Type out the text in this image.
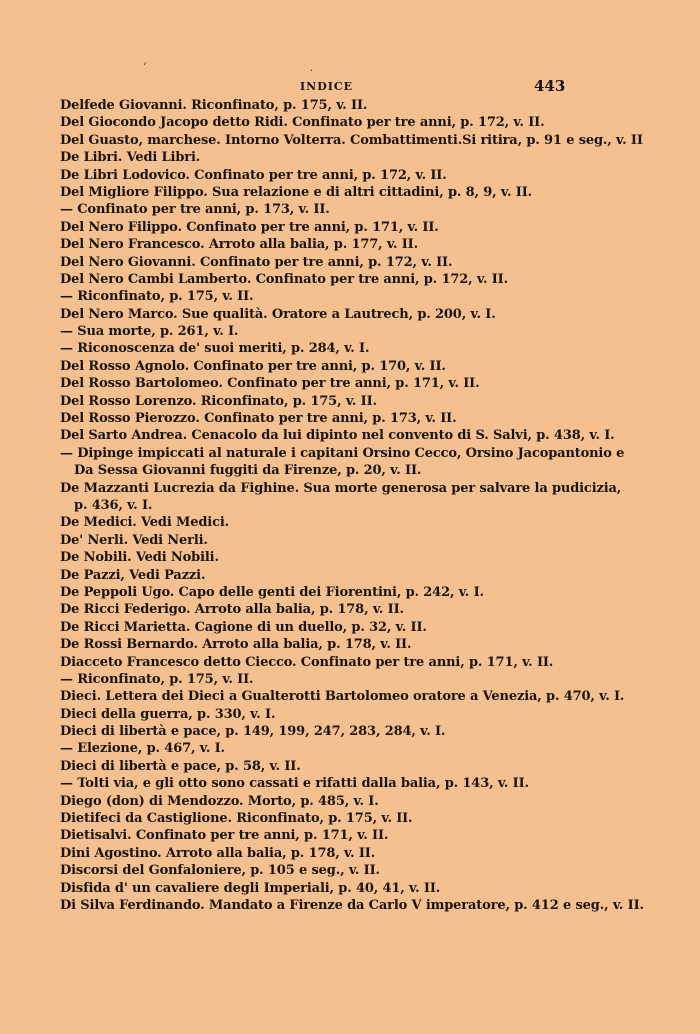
ʼ	·
INDICE	443
Delfede Giovanni. Riconfinato, p. 175, v. II.
Del Giocondo Jacopo detto Ridi. Confinato per tre anni, p. 172, v. II.
Del Guasto, marchese. Intorno Volterra. Combattimenti.Si ritira, p. 91 e seg., v. II
De Libri. Vedi Libri.
De Libri Lodovico. Confinato per tre anni, p. 172, v. II.
Del Migliore Filippo. Sua relazione e di altri cittadini, p. 8, 9, v. II.
— Confinato per tre anni, p. 173, v. II.
Del Nero Filippo. Confinato per tre anni, p. 171, v. II.
Del Nero Francesco. Arroto alla balia, p. 177, v. II.
Del Nero Giovanni. Confinato per tre anni, p. 172, v. II.
Del Nero Cambi Lamberto. Confinato per tre anni, p. 172, v. II.
— Riconfinato, p. 175, v. II.
Del Nero Marco. Sue qualità. Oratore a Lautrech, p. 200, v. I.
— Sua morte, p. 261, v. I.
— Riconoscenza de' suoi meriti, p. 284, v. I.
Del Rosso Agnolo. Confinato per tre anni, p. 170, v. II.
Del Rosso Bartolomeo. Confinato per tre anni, p. 171, v. II.
Del Rosso Lorenzo. Riconfinato, p. 175, v. II.
Del Rosso Pierozzo. Confinato per tre anni, p. 173, v. II.
Del Sarto Andrea. Cenacolo da lui dipinto nel convento di S. Salvi, p. 438, v. I.
— Dipinge impiccati al naturale i capitani Orsino Cecco, Orsino Jacopantonio e
Da Sessa Giovanni fuggiti da Firenze, p. 20, v. II.
De Mazzanti Lucrezia da Fighine. Sua morte generosa per salvare la pudicizia,
p. 436, v. I.
De Medici. Vedi Medici.
De' Nerli. Vedi Nerli.
De Nobili. Vedi Nobili.
De Pazzi, Vedi Pazzi.
De Peppoli Ugo. Capo delle genti dei Fiorentini, p. 242, v. I.
De Ricci Federigo. Arroto alla balia, p. 178, v. II.
De Ricci Marietta. Cagione di un duello, p. 32, v. II.
De Rossi Bernardo. Arroto alla balia, p. 178, v. II.
Diacceto Francesco detto Ciecco. Confinato per tre anni, p. 171, v. II.
— Riconfinato, p. 175, v. II.
Dieci. Lettera dei Dieci a Gualterotti Bartolomeo oratore a Venezia, p. 470, v. I.
Dieci della guerra, p. 330, v. I.
Dieci di libertà e pace, p. 149, 199, 247, 283, 284, v. I.
— Elezione, p. 467, v. I.
Dieci di libertà e pace, p. 58, v. II.
— Tolti via, e gli otto sono cassati e rifatti dalla balia, p. 143, v. II.
Diego (don) di Mendozzo. Morto, p. 485, v. I.
Dietifeci da Castiglione. Riconfinato, p. 175, v. II.
Dietisalvi. Confinato per tre anni, p. 171, v. II.
Dini Agostino. Arroto alla balia, p. 178, v. II.
Discorsi del Gonfaloniere, p. 105 e seg., v. II.
Disfida d' un cavaliere degli Imperiali, p. 40, 41, v. II.
Di Silva Ferdinando. Mandato a Firenze da Carlo V imperatore, p. 412 e seg., v. II.
